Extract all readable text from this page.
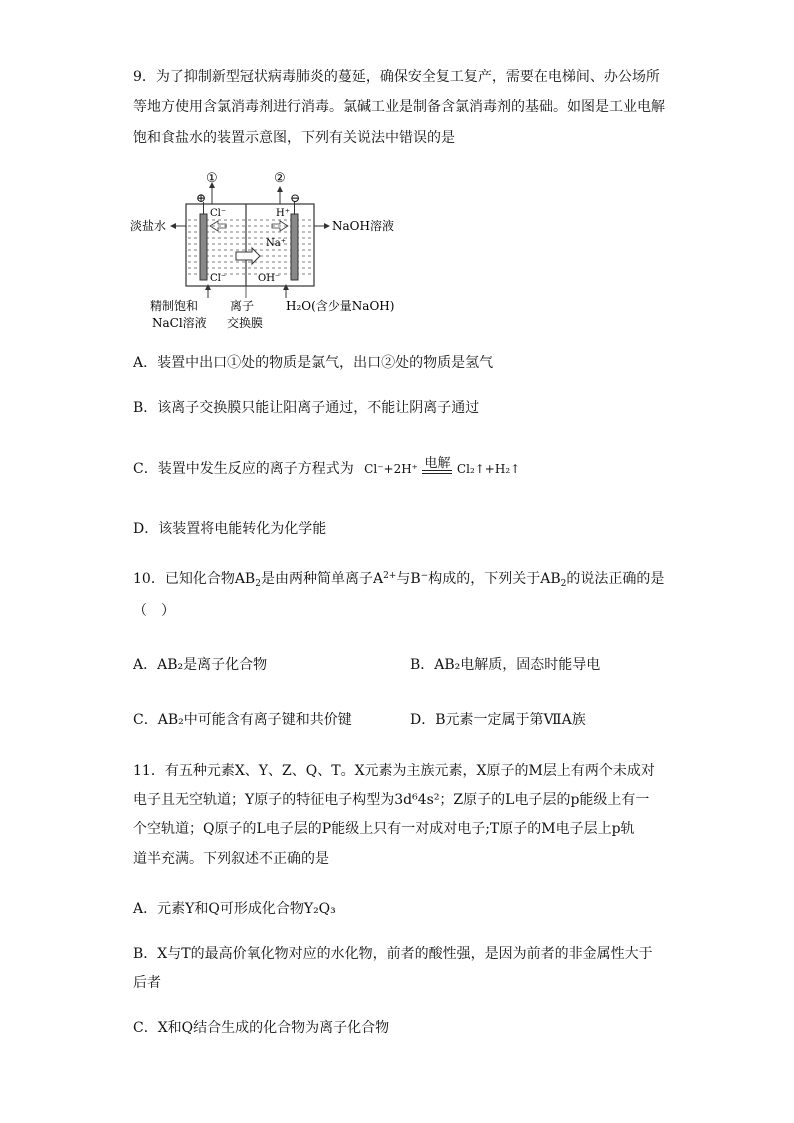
9．为了抑制新型冠状病毒肺炎的蔓延，确保安全复工复产，需要在电梯间、办公场所
等地方使用含氯消毒剂进行消毒。氯碱工业是制备含氯消毒剂的基础。如图是工业电解
饱和食盐水的装置示意图，下列有关说法中错误的是
①	②
⊕	⊖
Cl⁻	H⁺
Na⁺
Cl⁻	OH⁻
淡盐水	NaOH溶液
精制饱和
NaCl溶液
离子
交换膜
H₂O(含少量NaOH)
A．装置中出口①处的物质是氯气，出口②处的物质是氢气
B．该离子交换膜只能让阳离子通过，不能让阴离子通过
C．装置中发生反应的离子方程式为 Cl⁻+2H⁺ 电解 Cl₂↑+H₂↑
D．该装置将电能转化为化学能
10．已知化合物$AB_2$是由两种简单离子$A^{2+}$与B−构成的，下列关于$AB_2$的说法正确的是
（　）
A．AB₂是离子化合物	B．AB₂电解质，固态时能导电
C．AB₂中可能含有离子键和共价键	D．B元素一定属于第ⅦA族
11．有五种元素X、Y、Z、Q、T。X元素为主族元素，X原子的M层上有两个未成对
电子且无空轨道；Y原子的特征电子构型为3d⁶4s²；Z原子的L电子层的p能级上有一
个空轨道；Q原子的L电子层的P能级上只有一对成对电子;T原子的M电子层上p轨
道半充满。下列叙述不正确的是
A．元素Y和Q可形成化合物Y₂Q₃
B．X与T的最高价氧化物对应的水化物，前者的酸性强，是因为前者的非金属性大于
后者
C．X和Q结合生成的化合物为离子化合物
